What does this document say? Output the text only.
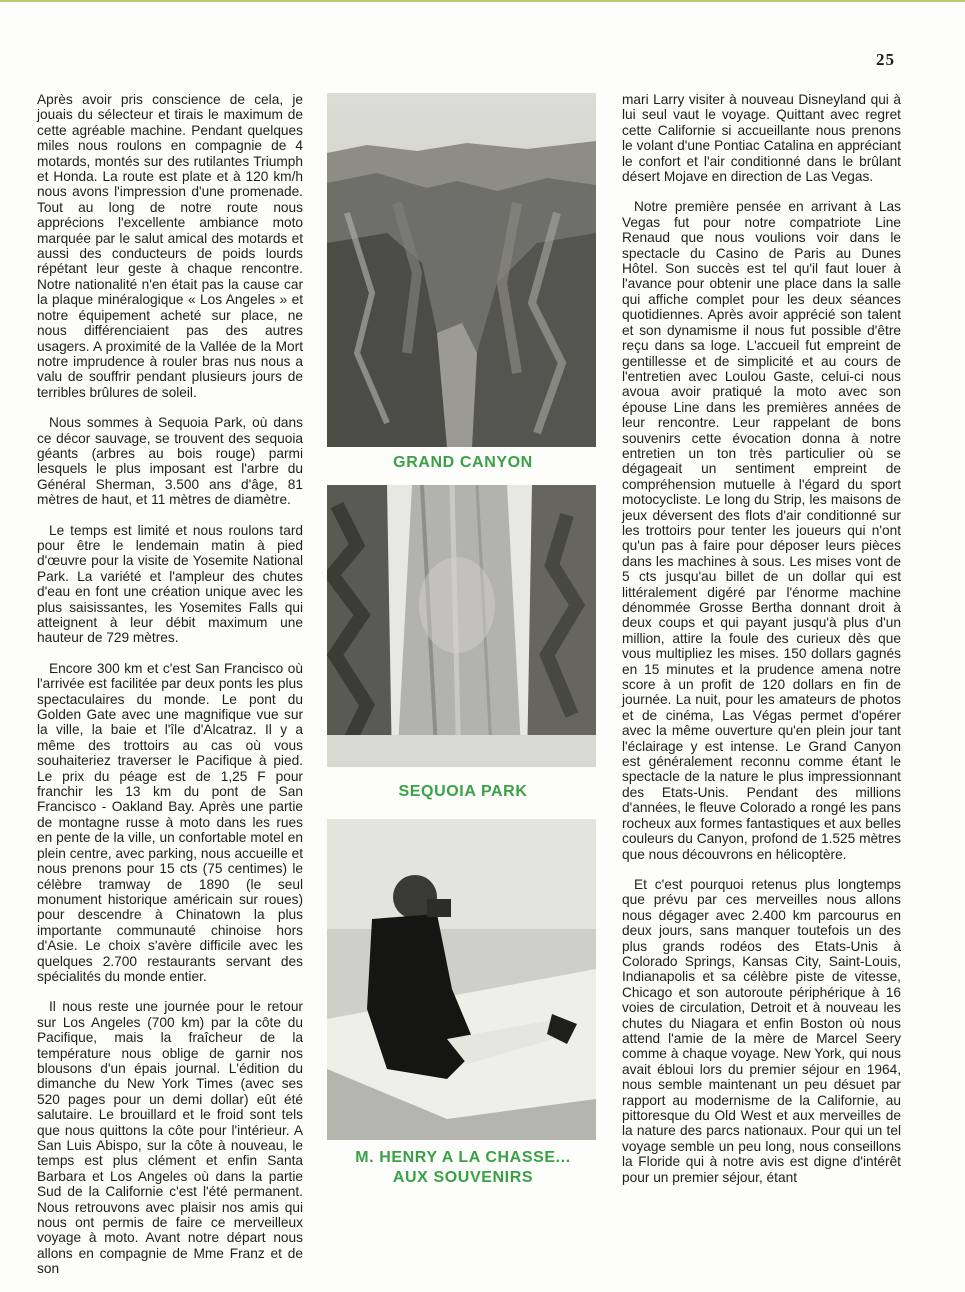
25

Après avoir pris conscience de cela, je jouais du sélecteur et tirais le maximum de cette agréable machine. Pendant quelques miles nous roulons en compagnie de 4 motards, montés sur des rutilantes Triumph et Honda. La route est plate et à 120 km/h nous avons l'impression d'une promenade. Tout au long de notre route nous apprécions l'excellente ambiance moto marquée par le salut amical des motards et aussi des conducteurs de poids lourds répétant leur geste à chaque rencontre. Notre nationalité n'en était pas la cause car la plaque minéralogique « Los Angeles » et notre équipement acheté sur place, ne nous différenciaient pas des autres usagers. A proximité de la Vallée de la Mort notre imprudence à rouler bras nus nous a valu de souffrir pendant plusieurs jours de terribles brûlures de soleil.

Nous sommes à Sequoia Park, où dans ce décor sauvage, se trouvent des sequoia géants (arbres au bois rouge) parmi lesquels le plus imposant est l'arbre du Général Sherman, 3.500 ans d'âge, 81 mètres de haut, et 11 mètres de diamètre.

Le temps est limité et nous roulons tard pour être le lendemain matin à pied d'œuvre pour la visite de Yosemite National Park. La variété et l'ampleur des chutes d'eau en font une création unique avec les plus saisissantes, les Yosemites Falls qui atteignent à leur débit maximum une hauteur de 729 mètres.

Encore 300 km et c'est San Francisco où l'arrivée est facilitée par deux ponts les plus spectaculaires du monde. Le pont du Golden Gate avec une magnifique vue sur la ville, la baie et l'île d'Alcatraz. Il y a même des trottoirs au cas où vous souhaiteriez traverser le Pacifique à pied. Le prix du péage est de 1,25 F pour franchir les 13 km du pont de San Francisco - Oakland Bay. Après une partie de montagne russe à moto dans les rues en pente de la ville, un confortable motel en plein centre, avec parking, nous accueille et nous prenons pour 15 cts (75 centimes) le célèbre tramway de 1890 (le seul monument historique américain sur roues) pour descendre à Chinatown la plus importante communauté chinoise hors d'Asie. Le choix s'avère difficile avec les quelques 2.700 restaurants servant des spécialités du monde entier.

Il nous reste une journée pour le retour sur Los Angeles (700 km) par la côte du Pacifique, mais la fraîcheur de la température nous oblige de garnir nos blousons d'un épais journal. L'édition du dimanche du New York Times (avec ses 520 pages pour un demi dollar) eût été salutaire. Le brouillard et le froid sont tels que nous quittons la côte pour l'intérieur. A San Luis Abispo, sur la côte à nouveau, le temps est plus clément et enfin Santa Barbara et Los Angeles où dans la partie Sud de la Californie c'est l'été permanent. Nous retrouvons avec plaisir nos amis qui nous ont permis de faire ce merveilleux voyage à moto. Avant notre départ nous allons en compagnie de Mme Franz et de son

GRAND CANYON
SEQUOIA PARK
M. HENRY A LA CHASSE...
AUX SOUVENIRS

mari Larry visiter à nouveau Disneyland qui à lui seul vaut le voyage. Quittant avec regret cette Californie si accueillante nous prenons le volant d'une Pontiac Catalina en appréciant le confort et l'air conditionné dans le brûlant désert Mojave en direction de Las Vegas.

Notre première pensée en arrivant à Las Vegas fut pour notre compatriote Line Renaud que nous voulions voir dans le spectacle du Casino de Paris au Dunes Hôtel. Son succès est tel qu'il faut louer à l'avance pour obtenir une place dans la salle qui affiche complet pour les deux séances quotidiennes. Après avoir apprécié son talent et son dynamisme il nous fut possible d'être reçu dans sa loge. L'accueil fut empreint de gentillesse et de simplicité et au cours de l'entretien avec Loulou Gaste, celui-ci nous avoua avoir pratiqué la moto avec son épouse Line dans les premières années de leur rencontre. Leur rappelant de bons souvenirs cette évocation donna à notre entretien un ton très particulier où se dégageait un sentiment empreint de compréhension mutuelle à l'égard du sport motocycliste. Le long du Strip, les maisons de jeux déversent des flots d'air conditionné sur les trottoirs pour tenter les joueurs qui n'ont qu'un pas à faire pour déposer leurs pièces dans les machines à sous. Les mises vont de 5 cts jusqu'au billet de un dollar qui est littéralement digéré par l'énorme machine dénommée Grosse Bertha donnant droit à deux coups et qui payant jusqu'à plus d'un million, attire la foule des curieux dès que vous multipliez les mises. 150 dollars gagnés en 15 minutes et la prudence amena notre score à un profit de 120 dollars en fin de journée. La nuit, pour les amateurs de photos et de cinéma, Las Végas permet d'opérer avec la même ouverture qu'en plein jour tant l'éclairage y est intense. Le Grand Canyon est généralement reconnu comme étant le spectacle de la nature le plus impressionnant des Etats-Unis. Pendant des millions d'années, le fleuve Colorado a rongé les pans rocheux aux formes fantastiques et aux belles couleurs du Canyon, profond de 1.525 mètres que nous découvrons en hélicoptère.

Et c'est pourquoi retenus plus longtemps que prévu par ces merveilles nous allons nous dégager avec 2.400 km parcourus en deux jours, sans manquer toutefois un des plus grands rodéos des Etats-Unis à Colorado Springs, Kansas City, Saint-Louis, Indianapolis et sa célèbre piste de vitesse, Chicago et son autoroute périphérique à 16 voies de circulation, Detroit et à nouveau les chutes du Niagara et enfin Boston où nous attend l'amie de la mère de Marcel Seery comme à chaque voyage. New York, qui nous avait ébloui lors du premier séjour en 1964, nous semble maintenant un peu désuet par rapport au modernisme de la Californie, au pittoresque du Old West et aux merveilles de la nature des parcs nationaux. Pour qui un tel voyage semble un peu long, nous conseillons la Floride qui à notre avis est digne d'intérêt pour un premier séjour, étant
